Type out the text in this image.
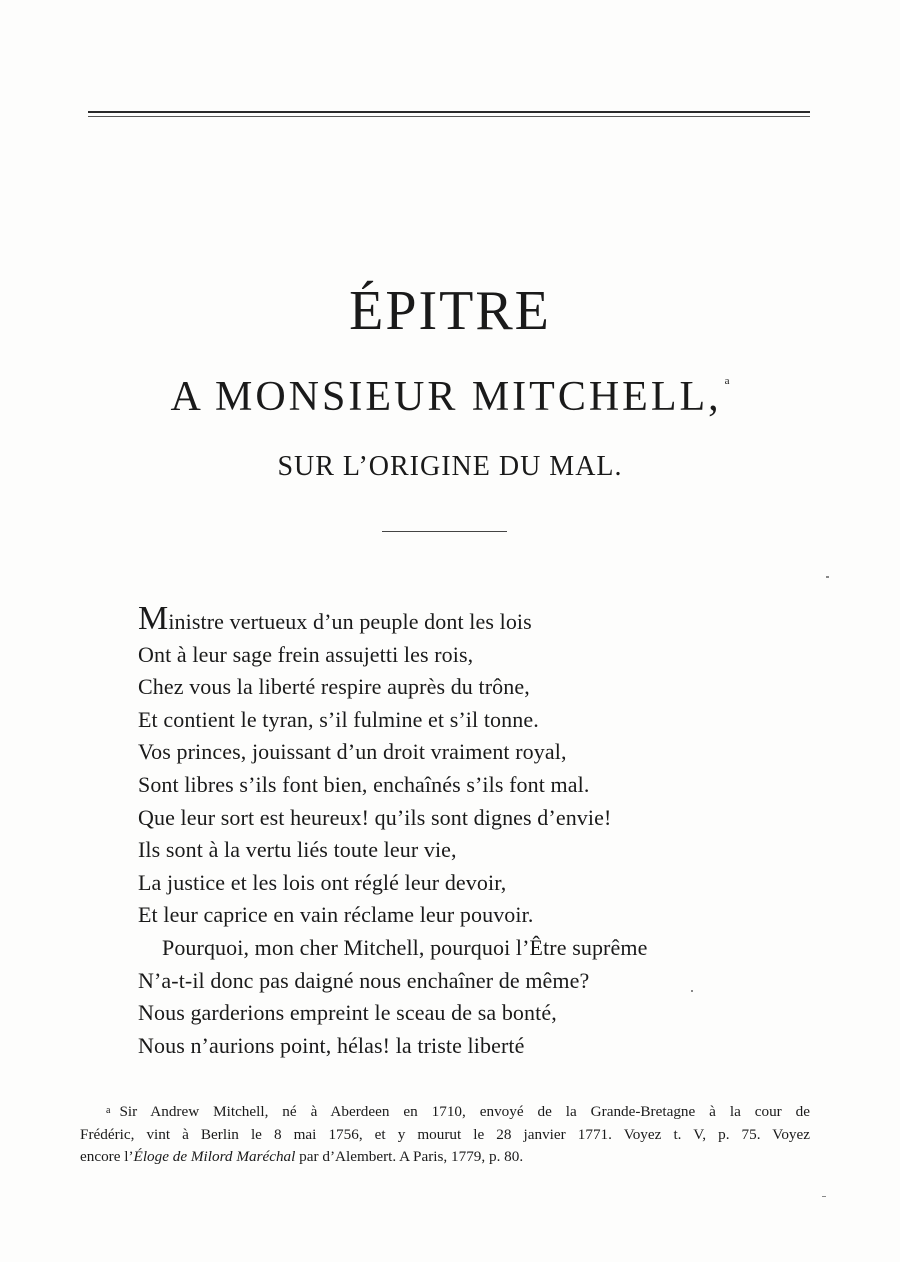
ÉPITRE
A MONSIEUR MITCHELL, $^a$
SUR L’ORIGINE DU MAL.
Ministre vertueux d’un peuple dont les lois
Ont à leur sage frein assujetti les rois,
Chez vous la liberté respire auprès du trône,
Et contient le tyran, s’il fulmine et s’il tonne.
Vos princes, jouissant d’un droit vraiment royal,
Sont libres s’ils font bien, enchaînés s’ils font mal.
Que leur sort est heureux! qu’ils sont dignes d’envie!
Ils sont à la vertu liés toute leur vie,
La justice et les lois ont réglé leur devoir,
Et leur caprice en vain réclame leur pouvoir.
Pourquoi, mon cher Mitchell, pourquoi l’Être suprême
N’a-t-il donc pas daigné nous enchaîner de même?
Nous garderions empreint le sceau de sa bonté,
Nous n’aurions point, hélas! la triste liberté
a Sir Andrew Mitchell, né à Aberdeen en 1710, envoyé de la Grande-Bretagne à la cour de
Frédéric, vint à Berlin le 8 mai 1756, et y mourut le 28 janvier 1771. Voyez t. V, p. 75. Voyez
encore l’Éloge de Milord Maréchal par d’Alembert. A Paris, 1779, p. 80.
